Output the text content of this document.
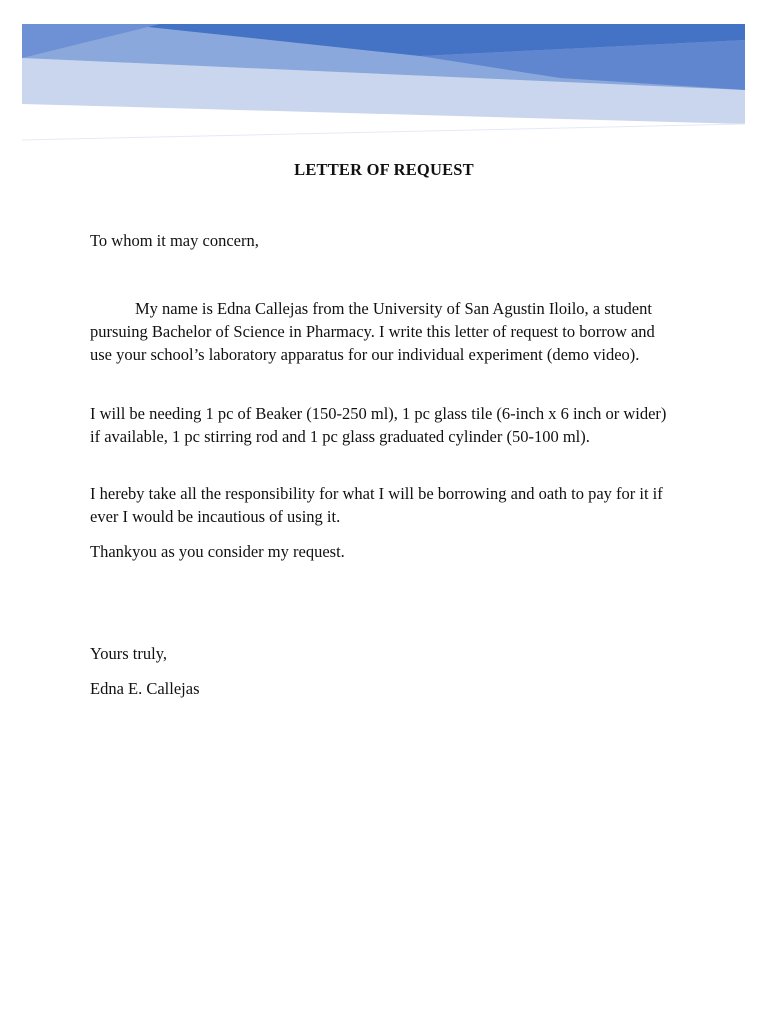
LETTER OF REQUEST

To whom it may concern,

My name is Edna Callejas from the University of San Agustin Iloilo, a student pursuing Bachelor of Science in Pharmacy. I write this letter of request to borrow and use your school’s laboratory apparatus for our individual experiment (demo video).

I will be needing 1 pc of Beaker (150-250 ml), 1 pc glass tile (6-inch x 6 inch or wider) if available, 1 pc stirring rod and 1 pc glass graduated cylinder (50-100 ml).

I hereby take all the responsibility for what I will be borrowing and oath to pay for it if ever I would be incautious of using it.

Thankyou as you consider my request.

Yours truly,

Edna E. Callejas
